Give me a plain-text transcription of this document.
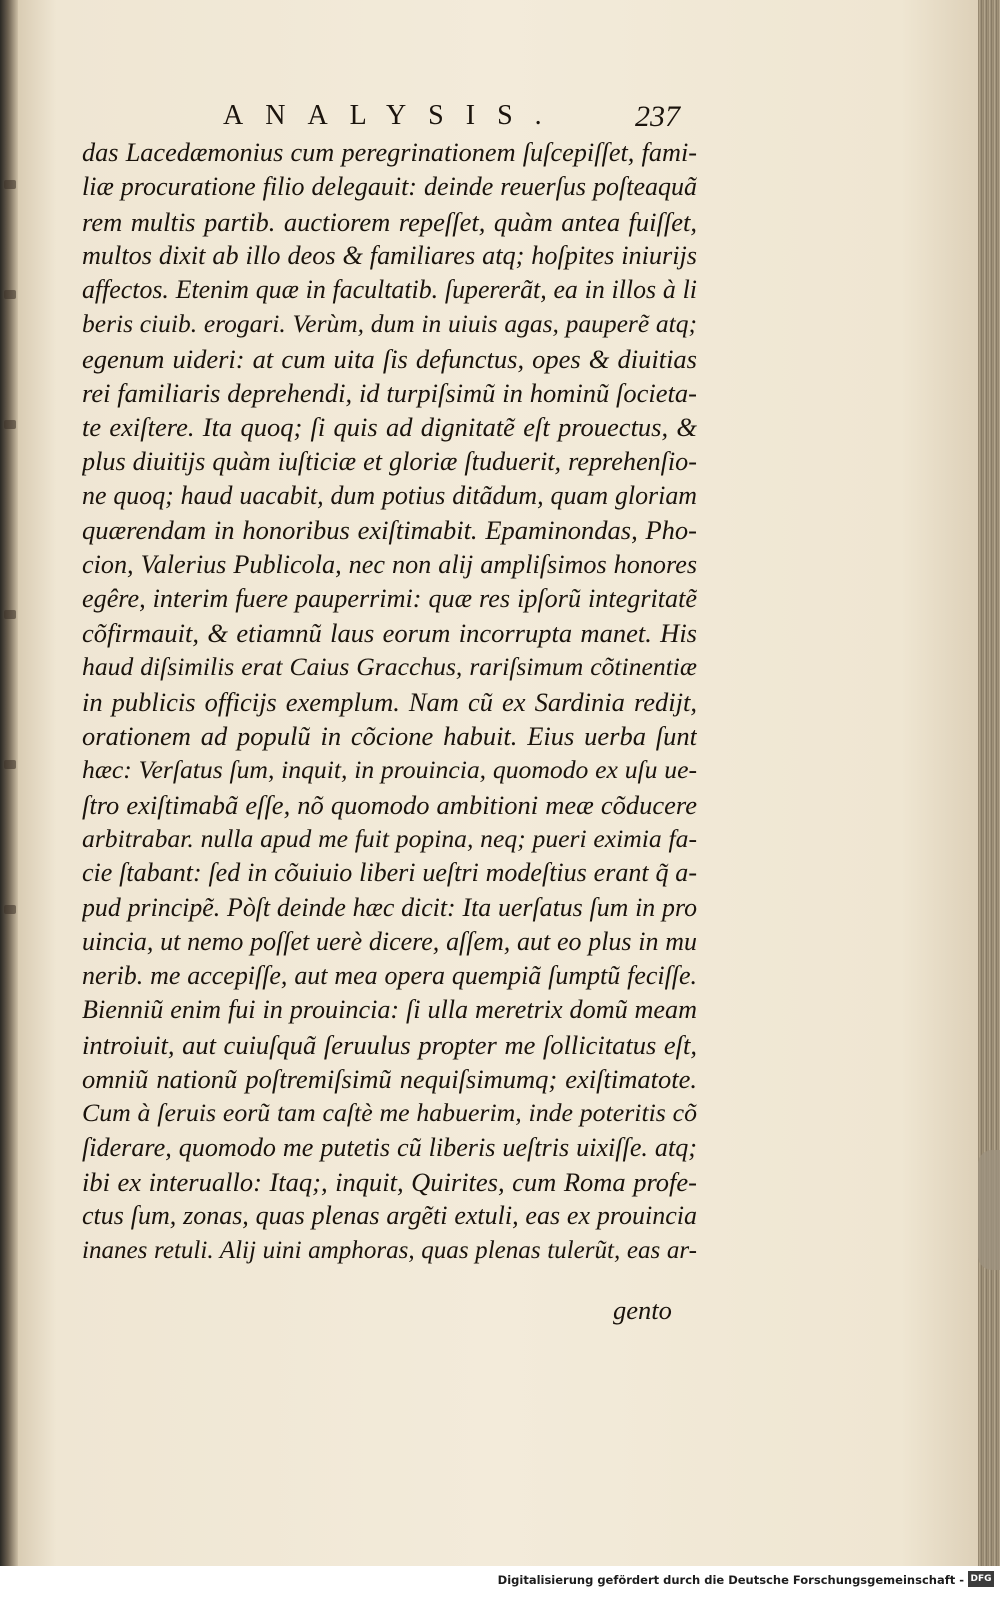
ANALYSIS. 237
das Lacedæmonius cum peregrinationem ſuſcepiſſet, fami-
liæ procuratione filio delegauit: deinde reuerſus poſteaquã
rem multis partib. auctiorem repeſſet, quàm antea fuiſſet,
multos dixit ab illo deos & familiares atq; hoſpites iniurijs
affectos. Etenim quæ in facultatib. ſupererãt, ea in illos à li
beris ciuib. erogari. Verùm, dum in uiuis agas, pauperẽ atq;
egenum uideri: at cum uita ſis defunctus, opes & diuitias
rei familiaris deprehendi, id turpiſsimũ in hominũ ſocieta-
te exiſtere. Ita quoq; ſi quis ad dignitatẽ eſt prouectus, &
plus diuitijs quàm iuſticiæ et gloriæ ſtuduerit, reprehenſio-
ne quoq; haud uacabit, dum potius ditãdum, quam gloriam
quærendam in honoribus exiſtimabit. Epaminondas, Pho-
cion, Valerius Publicola, nec non alij ampliſsimos honores
egêre, interim fuere pauperrimi: quæ res ipſorũ integritatẽ
cõfirmauit, & etiamnũ laus eorum incorrupta manet. His
haud diſsimilis erat Caius Gracchus, rariſsimum cõtinentiæ
in publicis officijs exemplum. Nam cũ ex Sardinia redijt,
orationem ad populũ in cõcione habuit. Eius uerba ſunt
hæc: Verſatus ſum, inquit, in prouincia, quomodo ex uſu ue-
ſtro exiſtimabã eſſe, nõ quomodo ambitioni meæ cõducere
arbitrabar. nulla apud me fuit popina, neq; pueri eximia fa-
cie ſtabant: ſed in cõuiuio liberi ueſtri modeſtius erant q̃ a-
pud principẽ. Pòſt deinde hæc dicit: Ita uerſatus ſum in pro
uincia, ut nemo poſſet uerè dicere, aſſem, aut eo plus in mu
nerib. me accepiſſe, aut mea opera quempiã ſumptũ feciſſe.
Bienniũ enim fui in prouincia: ſi ulla meretrix domũ meam
introiuit, aut cuiuſquã ſeruulus propter me ſollicitatus eſt,
omniũ nationũ poſtremiſsimũ nequiſsimumq; exiſtimatote.
Cum à ſeruis eorũ tam caſtè me habuerim, inde poteritis cõ
ſiderare, quomodo me putetis cũ liberis ueſtris uixiſſe. atq;
ibi ex interuallo: Itaq;, inquit, Quirites, cum Roma profe-
ctus ſum, zonas, quas plenas argẽti extuli, eas ex prouincia
inanes retuli. Alij uini amphoras, quas plenas tulerũt, eas ar-
gento
Digitalisierung gefördert durch die Deutsche Forschungsgemeinschaft - DFG
